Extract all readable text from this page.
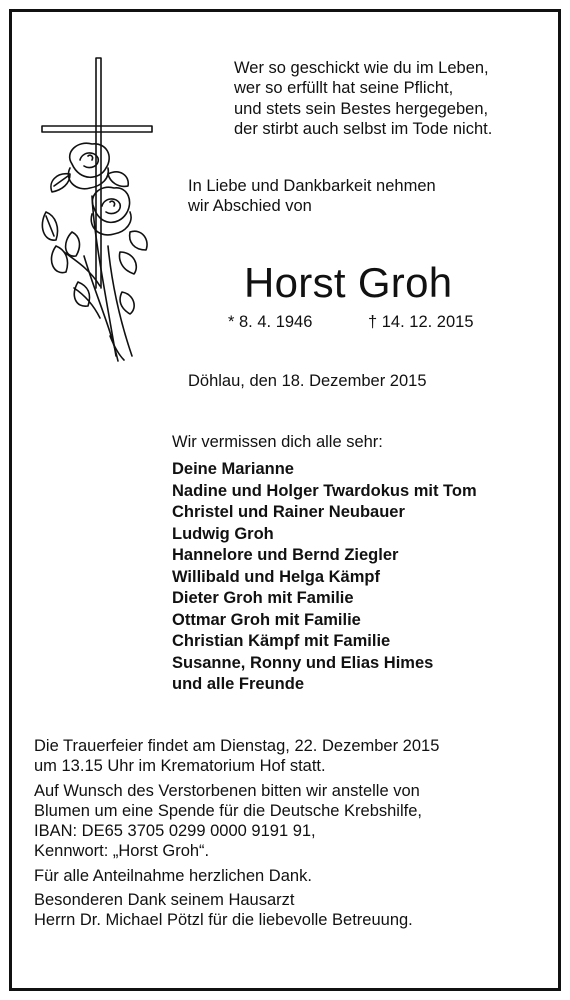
Wer so geschickt wie du im Leben,
wer so erfüllt hat seine Pflicht,
und stets sein Bestes hergegeben,
der stirbt auch selbst im Tode nicht.
In Liebe und Dankbarkeit nehmen
wir Abschied von
Horst Groh
* 8. 4. 1946	† 14. 12. 2015
Döhlau, den 18. Dezember 2015
Wir vermissen dich alle sehr:
Deine Marianne
Nadine und Holger Twardokus mit Tom
Christel und Rainer Neubauer
Ludwig Groh
Hannelore und Bernd Ziegler
Willibald und Helga Kämpf
Dieter Groh mit Familie
Ottmar Groh mit Familie
Christian Kämpf mit Familie
Susanne, Ronny und Elias Himes
und alle Freunde
Die Trauerfeier findet am Dienstag, 22. Dezember 2015
um 13.15 Uhr im Krematorium Hof statt.
Auf Wunsch des Verstorbenen bitten wir anstelle von
Blumen um eine Spende für die Deutsche Krebshilfe,
IBAN: DE65 3705 0299 0000 9191 91,
Kennwort: „Horst Groh“.
Für alle Anteilnahme herzlichen Dank.
Besonderen Dank seinem Hausarzt
Herrn Dr. Michael Pötzl für die liebevolle Betreuung.
